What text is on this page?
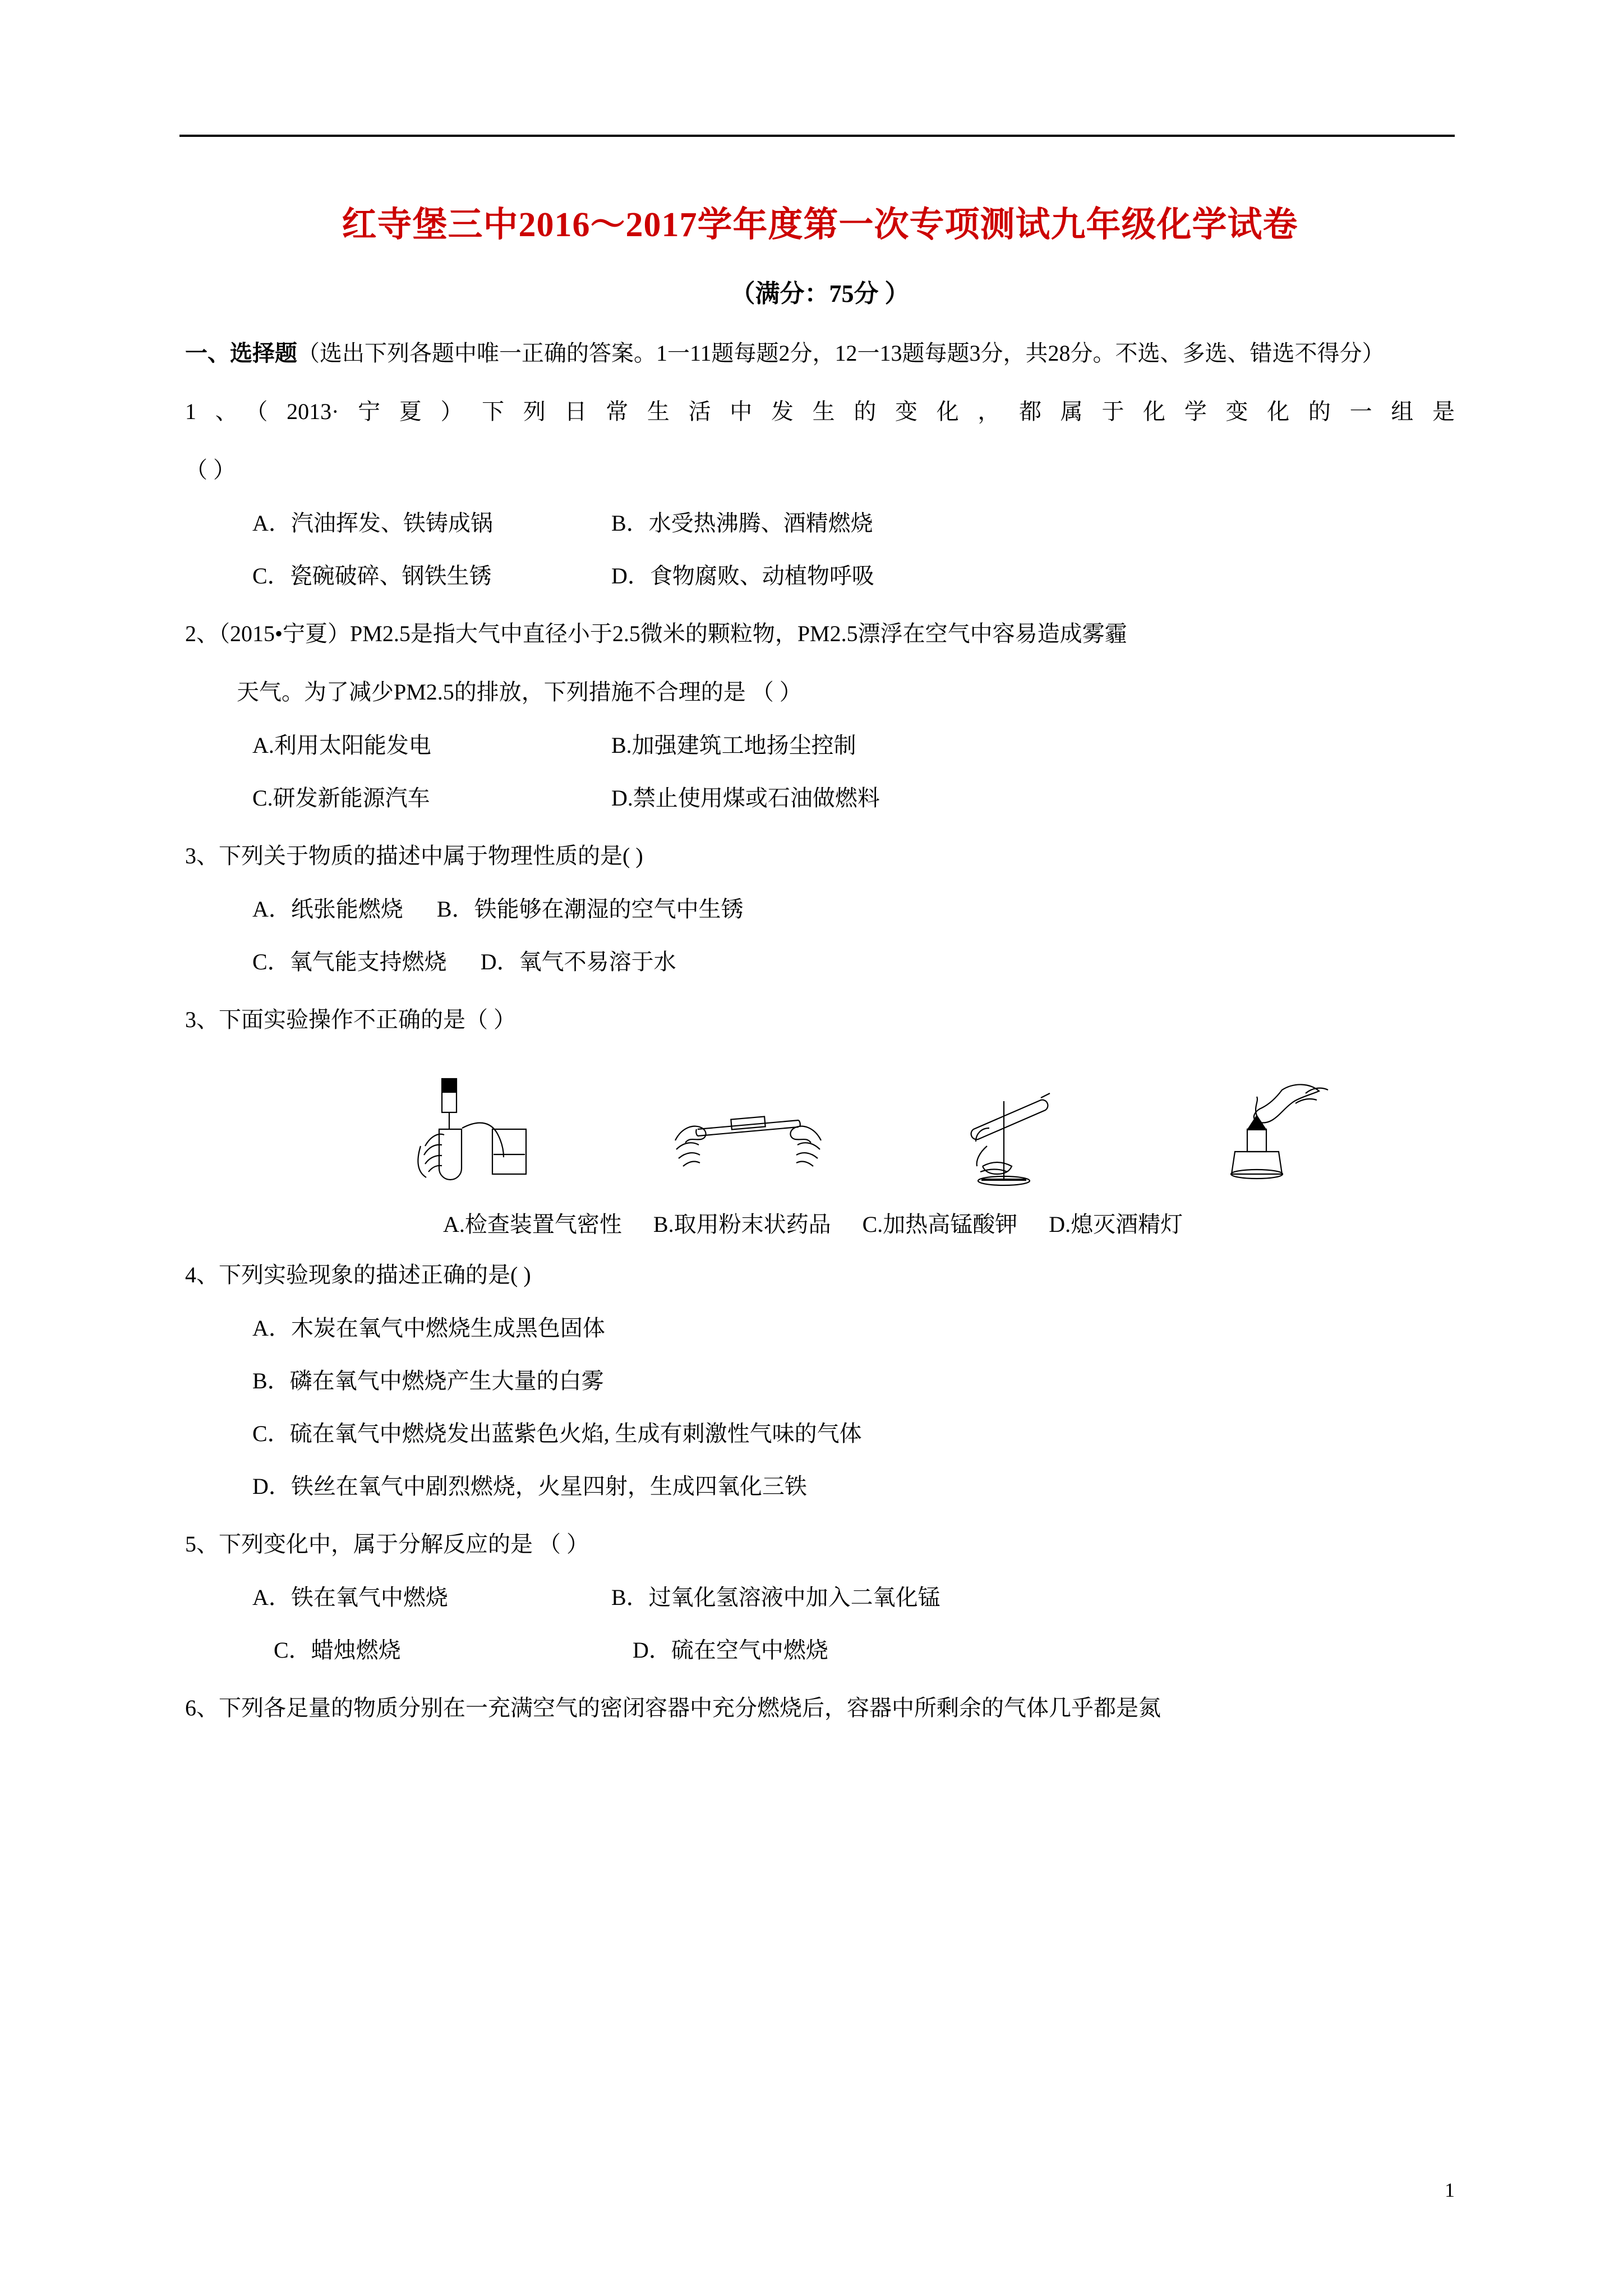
红寺堡三中2016～2017学年度第一次专项测试九年级化学试卷
（满分：75分 ）
一、选择题（选出下列各题中唯一正确的答案。1一11题每题2分，12一13题每题3分，共28分。不选、多选、错选不得分）
1、（2013·宁夏）下列日常生活中发生的变化，都属于化学变化的一组是
（ ）
A．汽油挥发、铁铸成锅	B．水受热沸腾、酒精燃烧
C．瓷碗破碎、钢铁生锈	D．食物腐败、动植物呼吸
2、（2015•宁夏）PM2.5是指大气中直径小于2.5微米的颗粒物，PM2.5漂浮在空气中容易造成雾霾
天气。为了减少PM2.5的排放，下列措施不合理的是 （ ）
A.利用太阳能发电	B.加强建筑工地扬尘控制
C.研发新能源汽车	D.禁止使用煤或石油做燃料
3、下列关于物质的描述中属于物理性质的是( )
A．纸张能燃烧 B．铁能够在潮湿的空气中生锈
C．氧气能支持燃烧 D．氧气不易溶于水
3、下面实验操作不正确的是（ ）
A.检查装置气密性 B.取用粉末状药品 C.加热高锰酸钾 D.熄灭酒精灯
4、下列实验现象的描述正确的是( )
A．木炭在氧气中燃烧生成黑色固体
B．磷在氧气中燃烧产生大量的白雾
C．硫在氧气中燃烧发出蓝紫色火焰, 生成有刺激性气味的气体
D．铁丝在氧气中剧烈燃烧，火星四射，生成四氧化三铁
5、下列变化中，属于分解反应的是 （ ）
A．铁在氧气中燃烧	B．过氧化氢溶液中加入二氧化锰
C．蜡烛燃烧	D．硫在空气中燃烧
6、下列各足量的物质分别在一充满空气的密闭容器中充分燃烧后，容器中所剩余的气体几乎都是氮
1
